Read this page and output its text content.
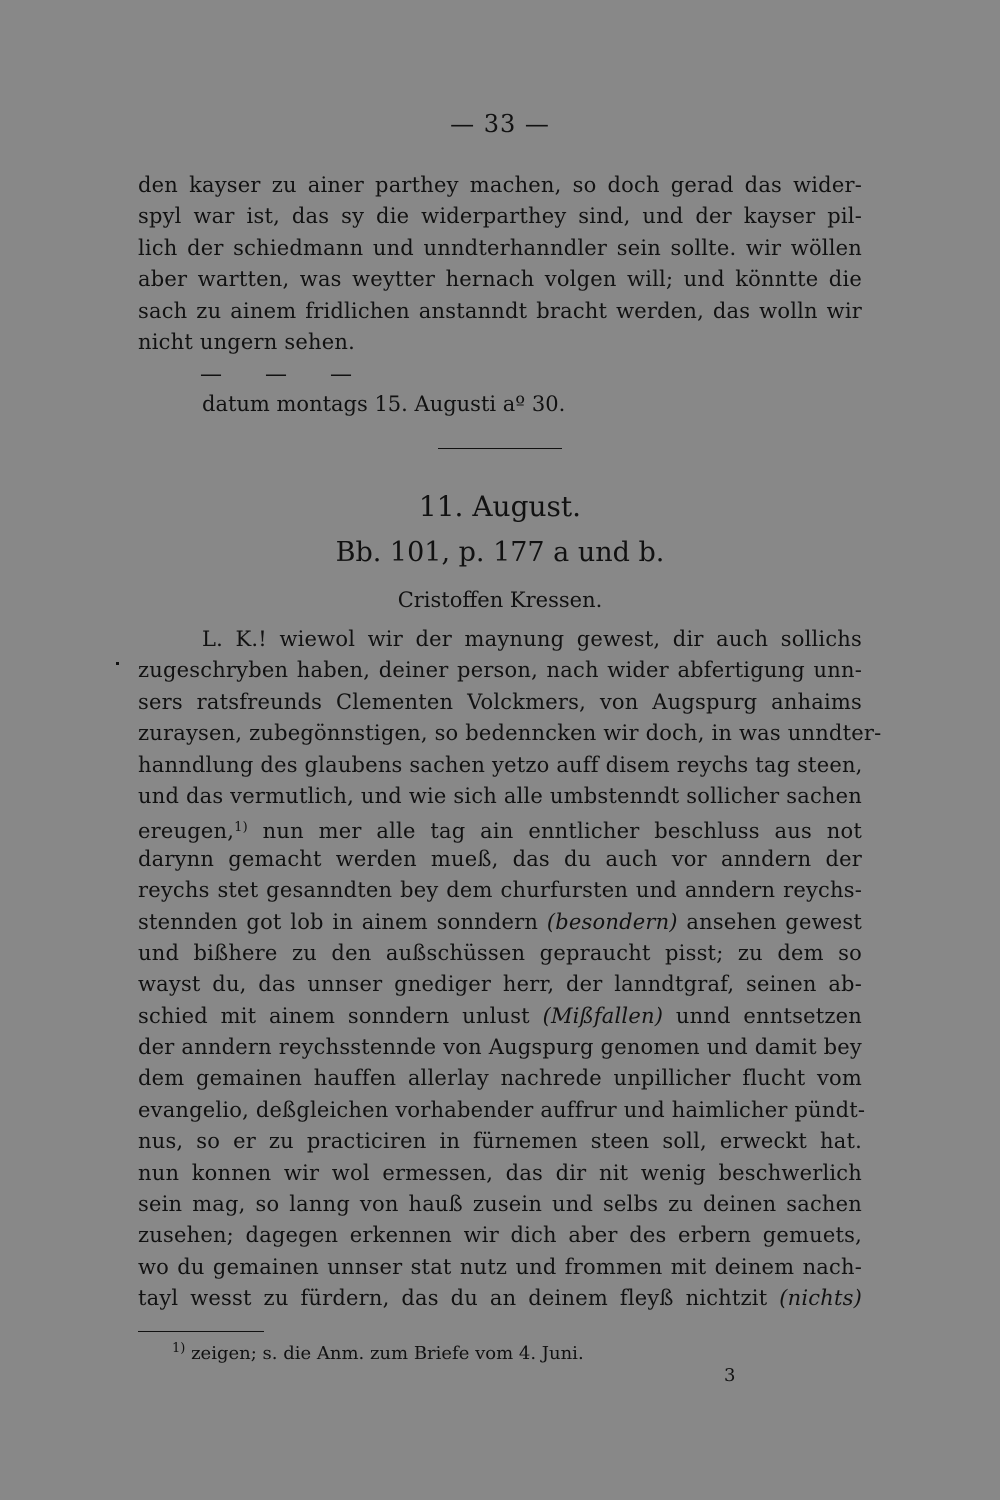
— 33 —
den kayser zu ainer parthey machen, so doch gerad das wider-
spyl war ist, das sy die widerparthey sind, und der kayser pil-
lich der schiedmann und unndterhanndler sein sollte. wir wöllen
aber wartten, was weytter hernach volgen will; und könntte die
sach zu ainem fridlichen anstanndt bracht werden, das wolln wir
nicht ungern sehen.
— — —
datum montags 15. Augusti aº 30.
11. August.
Bb. 101, p. 177 a und b.
Cristoffen Kressen.
L. K.! wiewol wir der maynung gewest, dir auch sollichs
zugeschryben haben, deiner person, nach wider abfertigung unn-
sers ratsfreunds Clementen Volckmers, von Augspurg anhaims
zuraysen, zubegönnstigen, so bedenncken wir doch, in was unndter-
hanndlung des glaubens sachen yetzo auff disem reychs tag steen,
und das vermutlich, und wie sich alle umbstenndt sollicher sachen
ereugen,$^{1)}$ nun mer alle tag ain enntlicher beschluss aus not
darynn gemacht werden mueß, das du auch vor anndern der
reychs stet gesanndten bey dem churfursten und anndern reychs-
stennden got lob in ainem sonndern (besondern) ansehen gewest
und bißhere zu den außschüssen gepraucht pisst; zu dem so
wayst du, das unnser gnediger herr, der lanndtgraf, seinen ab-
schied mit ainem sonndern unlust (Mißfallen) unnd enntsetzen
der anndern reychsstennde von Augspurg genomen und damit bey
dem gemainen hauffen allerlay nachrede unpillicher flucht vom
evangelio, deßgleichen vorhabender auffrur und haimlicher pündt-
nus, so er zu practiciren in fürnemen steen soll, erweckt hat.
nun konnen wir wol ermessen, das dir nit wenig beschwerlich
sein mag, so lanng von hauß zusein und selbs zu deinen sachen
zusehen; dagegen erkennen wir dich aber des erbern gemuets,
wo du gemainen unnser stat nutz und frommen mit deinem nach-
tayl wesst zu fürdern, das du an deinem fleyß nichtzit (nichts)
$^{1)}$ zeigen; s. die Anm. zum Briefe vom 4. Juni.
3
